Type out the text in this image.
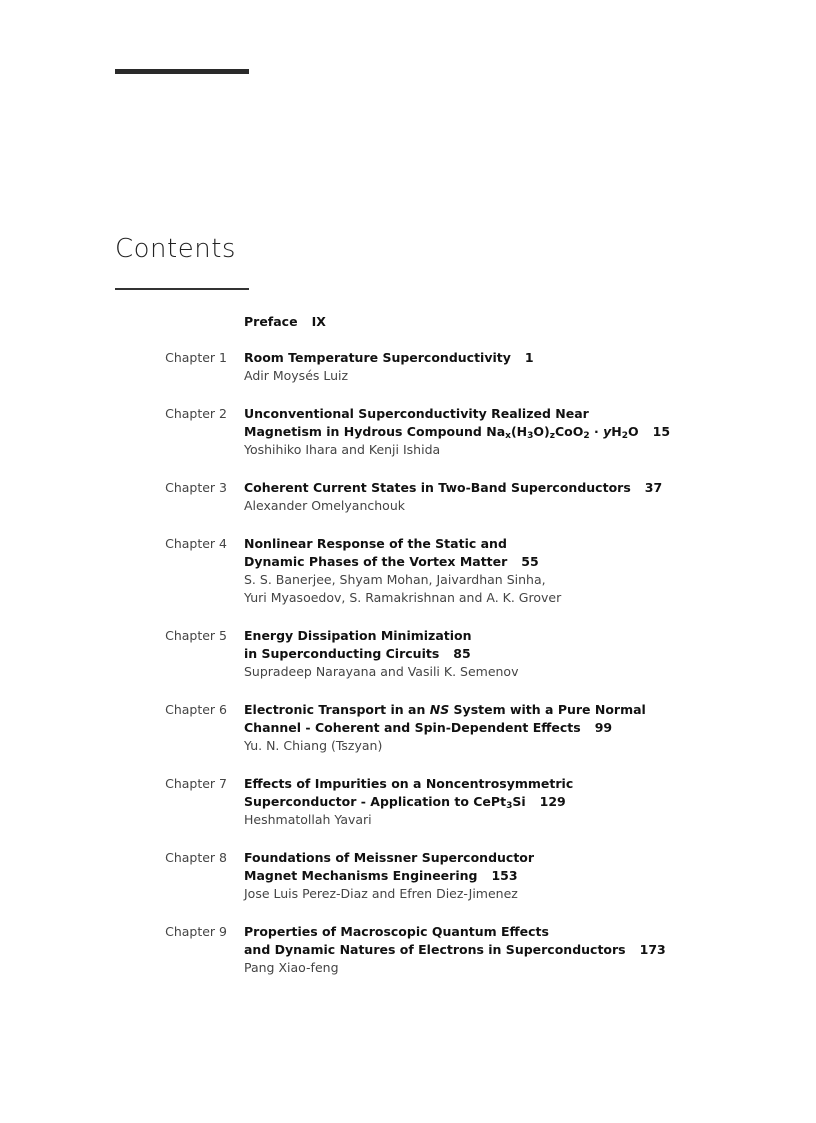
Contents
Preface IX
Chapter 1	Room Temperature Superconductivity 1
Adir Moysés Luiz
Chapter 2	Unconventional Superconductivity Realized Near
Magnetism in Hydrous Compound $Na_x(H_3O)_zCoO_2 \cdot yH_2O$ 15
Yoshihiko Ihara and Kenji Ishida
Chapter 3	Coherent Current States in Two-Band Superconductors 37
Alexander Omelyanchouk
Chapter 4	Nonlinear Response of the Static and
Dynamic Phases of the Vortex Matter 55
S. S. Banerjee, Shyam Mohan, Jaivardhan Sinha,
Yuri Myasoedov, S. Ramakrishnan and A. K. Grover
Chapter 5	Energy Dissipation Minimization
in Superconducting Circuits 85
Supradeep Narayana and Vasili K. Semenov
Chapter 6	Electronic Transport in an NS System with a Pure Normal
Channel - Coherent and Spin-Dependent Effects 99
Yu. N. Chiang (Tszyan)
Chapter 7	Effects of Impurities on a Noncentrosymmetric
Superconductor - Application to CePt$_3$Si 129
Heshmatollah Yavari
Chapter 8	Foundations of Meissner Superconductor
Magnet Mechanisms Engineering 153
Jose Luis Perez-Diaz and Efren Diez-Jimenez
Chapter 9	Properties of Macroscopic Quantum Effects
and Dynamic Natures of Electrons in Superconductors 173
Pang Xiao-feng
